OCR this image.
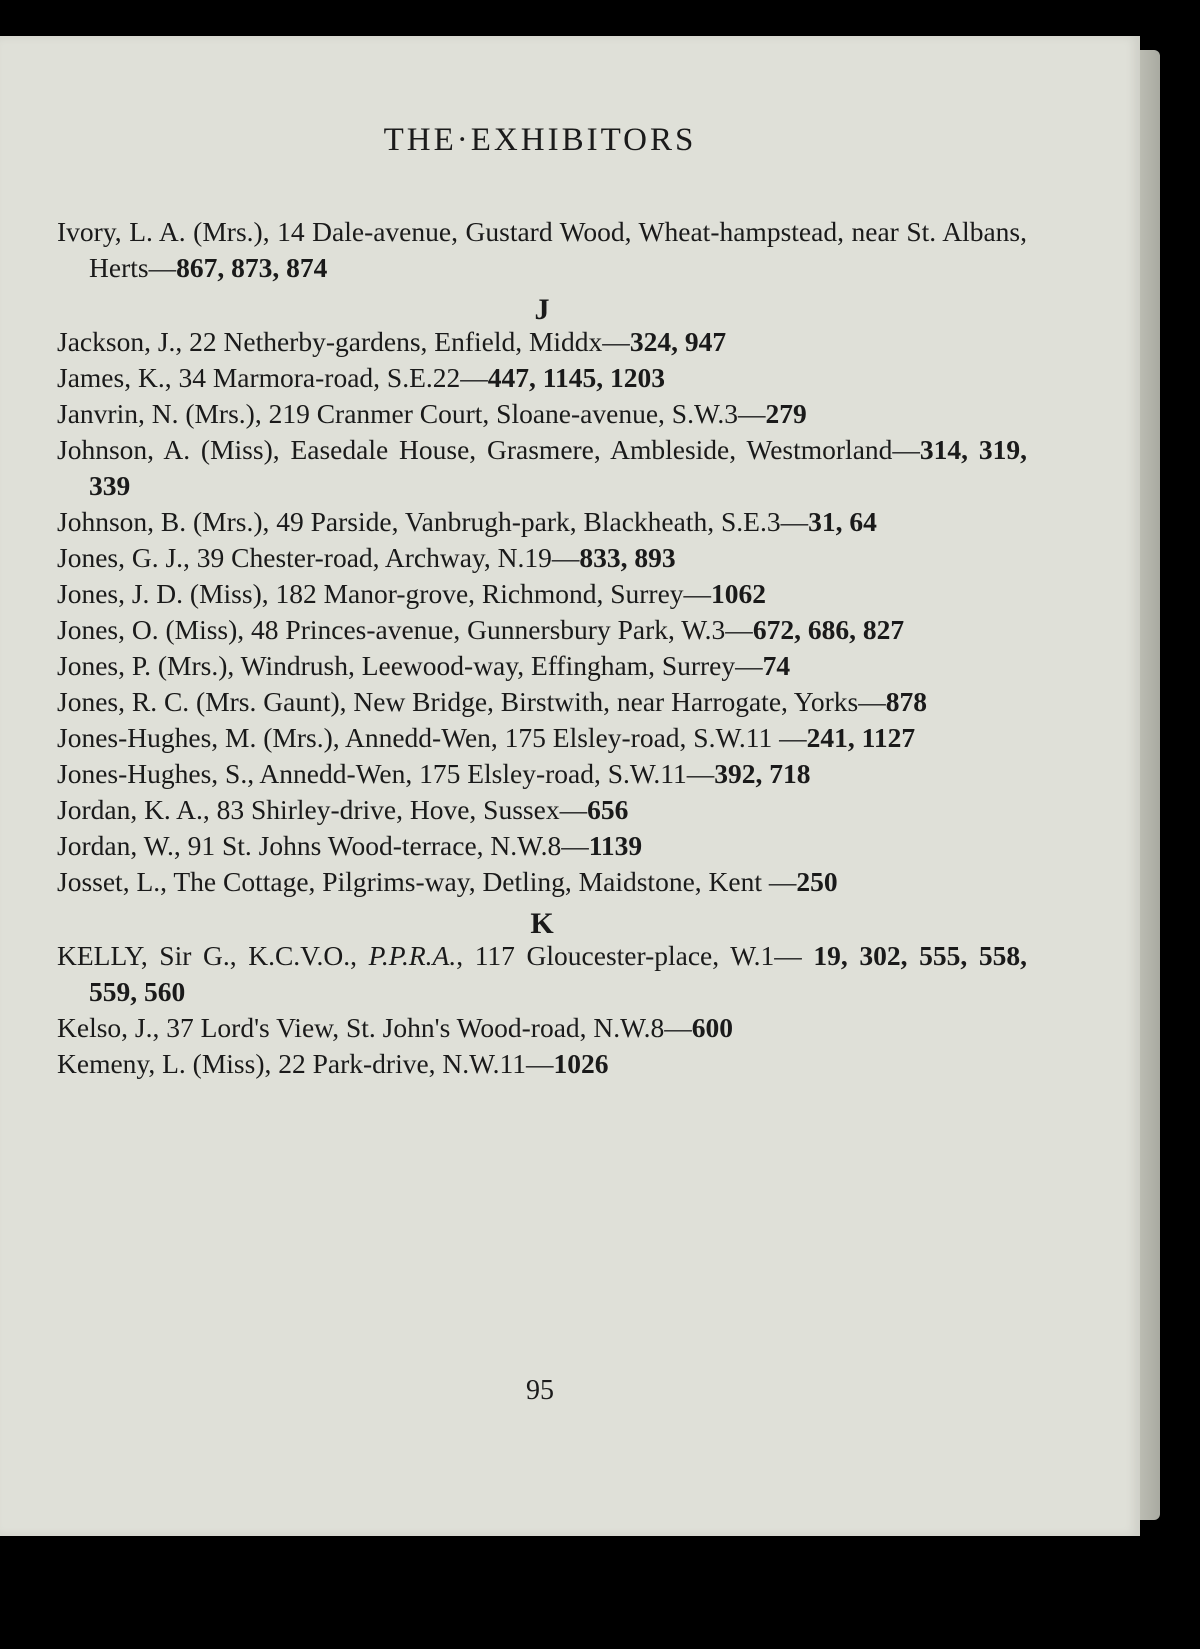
THE·EXHIBITORS
Ivory, L. A. (Mrs.), 14 Dale-avenue, Gustard Wood, Wheat-hampstead, near St. Albans, Herts—867, 873, 874
J
Jackson, J., 22 Netherby-gardens, Enfield, Middx—324, 947
James, K., 34 Marmora-road, S.E.22—447, 1145, 1203
Janvrin, N. (Mrs.), 219 Cranmer Court, Sloane-avenue, S.W.3—279
Johnson, A. (Miss), Easedale House, Grasmere, Ambleside, Westmorland—314, 319, 339
Johnson, B. (Mrs.), 49 Parside, Vanbrugh-park, Blackheath, S.E.3—31, 64
Jones, G. J., 39 Chester-road, Archway, N.19—833, 893
Jones, J. D. (Miss), 182 Manor-grove, Richmond, Surrey—1062
Jones, O. (Miss), 48 Princes-avenue, Gunnersbury Park, W.3—672, 686, 827
Jones, P. (Mrs.), Windrush, Leewood-way, Effingham, Surrey—74
Jones, R. C. (Mrs. Gaunt), New Bridge, Birstwith, near Harrogate, Yorks—878
Jones-Hughes, M. (Mrs.), Annedd-Wen, 175 Elsley-road, S.W.11 —241, 1127
Jones-Hughes, S., Annedd-Wen, 175 Elsley-road, S.W.11—392, 718
Jordan, K. A., 83 Shirley-drive, Hove, Sussex—656
Jordan, W., 91 St. Johns Wood-terrace, N.W.8—1139
Josset, L., The Cottage, Pilgrims-way, Detling, Maidstone, Kent —250
K
KELLY, Sir G., K.C.V.O., P.P.R.A., 117 Gloucester-place, W.1— 19, 302, 555, 558, 559, 560
Kelso, J., 37 Lord's View, St. John's Wood-road, N.W.8—600
Kemeny, L. (Miss), 22 Park-drive, N.W.11—1026
95
